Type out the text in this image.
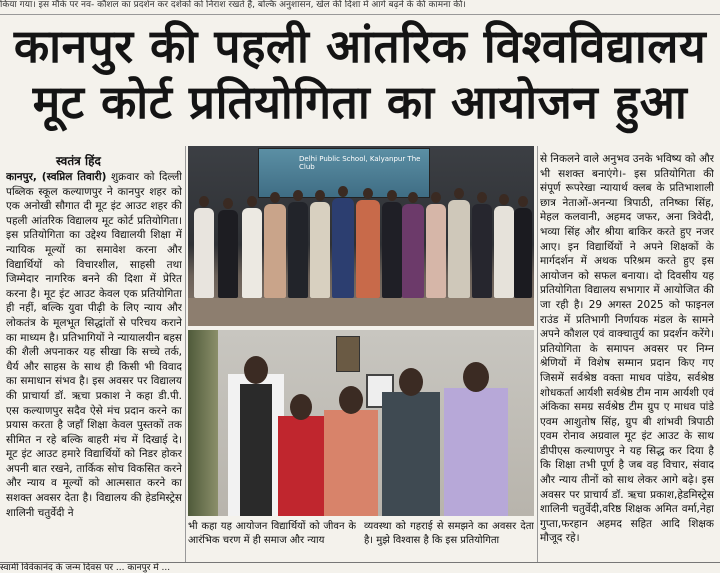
किया गया। इस मौके पर नव- कौशल का प्रदर्शन कर दर्शकों को निराश रखते हैं, बल्कि अनुशासन, खेल की दिशा में आगे बढ़ने के की कामना की।
कानपुर की पहली आंतरिक विश्वविद्यालय
मूट कोर्ट प्रतियोगिता का आयोजन हुआ
स्वतंत्र हिंद
कानपुर, (स्वप्निल तिवारी) शुक्रवार को दिल्ली पब्लिक स्कूल कल्याणपुर ने कानपुर शहर को एक अनोखी सौगात दी मूट इंट आउट शहर की पहली आंतरिक विद्यालय मूट कोर्ट प्रतियोगिता। इस प्रतियोगिता का उद्देश्य वि‍द्यालयी शिक्षा में न्यायिक मूल्यों का समावेश करना और विद्यार्थियों को विचारशील, साहसी तथा जिम्मेदार नागरिक बनने की दिशा में प्रेरित करना है। मूट इंट आउट केवल एक प्रतियोगिता ही नहीं, बल्कि युवा पीढ़ी के लिए न्याय और लोकतंत्र के मूलभूत सिद्धांतों से परिचय कराने का माध्यम है। प्रतिभागियों ने न्यायालयीन बहस की शैली अपनाकर यह सीखा कि सच्चे तर्क, धैर्य और साहस के साथ ही किसी भी विवाद का समाधान संभव है। इस अवसर पर विद्यालय की प्राचार्या डॉ. ऋचा प्रकाश ने कहा डी.पी. एस कल्याणपुर सदैव ऐसे मंच प्रदान करने का प्रयास करता है जहाँ शिक्षा केवल पुस्तकों तक सीमित न रहे बल्कि बाहरी मंच में दिखाई दे। मूट इंट आउट हमारे वि‍द्यार्थियों को निडर होकर अपनी बात रखने, तार्किक सोच विकसित करने और न्याय व मूल्यों को आत्मसात करने का सशक्त अवसर देता है। विद्यालय की हेडमिस्ट्रेस शालिनी चतुर्वेदी ने
Delhi Public School, Kalyanpur The Club
भी कहा यह आयोजन विद्यार्थियों को जीवन के आरंभिक चरण में ही समाज और न्याय
व्यवस्था को गहराई से समझने का अवसर देता है। मुझे विश्वास है कि इस प्रतियोगिता
से निकलने वाले अनुभव उनके भविष्य को और भी सशक्त बनाएंगे।- इस प्रतियोगिता की संपूर्ण रूपरेखा न्यायार्थ क्लब के प्रतिभाशाली छात्र नेताओं-अनन्या त्रिपाठी, तनिष्का सिंह, मेहल कलवानी, अहमद जफर, अना त्रिवेदी, भव्या सिंह और श्रीया बाकिर करते हुए नजर आए। इन विद्यार्थियों ने अपने शिक्षकों के मार्गदर्शन में अथक परिश्रम करते हुए इस आयोजन को सफल बनाया। दो दिवसीय यह प्रतियोगिता विद्यालय सभागार में आयोजित की जा रही है। 29 अगस्त 2025 को फाइनल राउंड में प्रतिभागी निर्णायक मंडल के सामने अपने कौशल एवं वाक्चातुर्य का प्रदर्शन करेंगे। प्रतियोगिता के समापन अवसर पर निम्न श्रेणियों में विशेष सम्मान प्रदान किए गए जिसमें सर्वश्रेष्ठ वक्ता माधव पांडेय, सर्वश्रेष्ठ शोधकर्ता आर्यशी सर्वश्रेष्ठ टीम नाम आर्यशी एवं अंकिका समग्र सर्वश्रेष्ठ टीम ग्रुप ए माधव पांडे एवम आशुतोष सिंह, ग्रुप बी शांभवी त्रिपाठी एवम रोनाव अग्रवाल मूट इंट आउट के साथ डीपीएस कल्याणपुर ने यह सिद्ध कर दिया है कि शिक्षा तभी पूर्ण है जब वह विचार, संवाद और न्याय तीनों को साथ लेकर आगे बढ़े। इस अवसर पर प्राचार्य डॉ. ऋचा प्रकाश,हेडमिस्ट्रेस शालिनी चतुर्वेदी,वरिष्ठ शिक्षक अमित वर्मा,नेहा गुप्ता,फरहान अहमद सहित आदि शिक्षक मौजूद रहे।
स्वामी विवेकानंद के जन्म दिवस पर ... कानपुर में ...
